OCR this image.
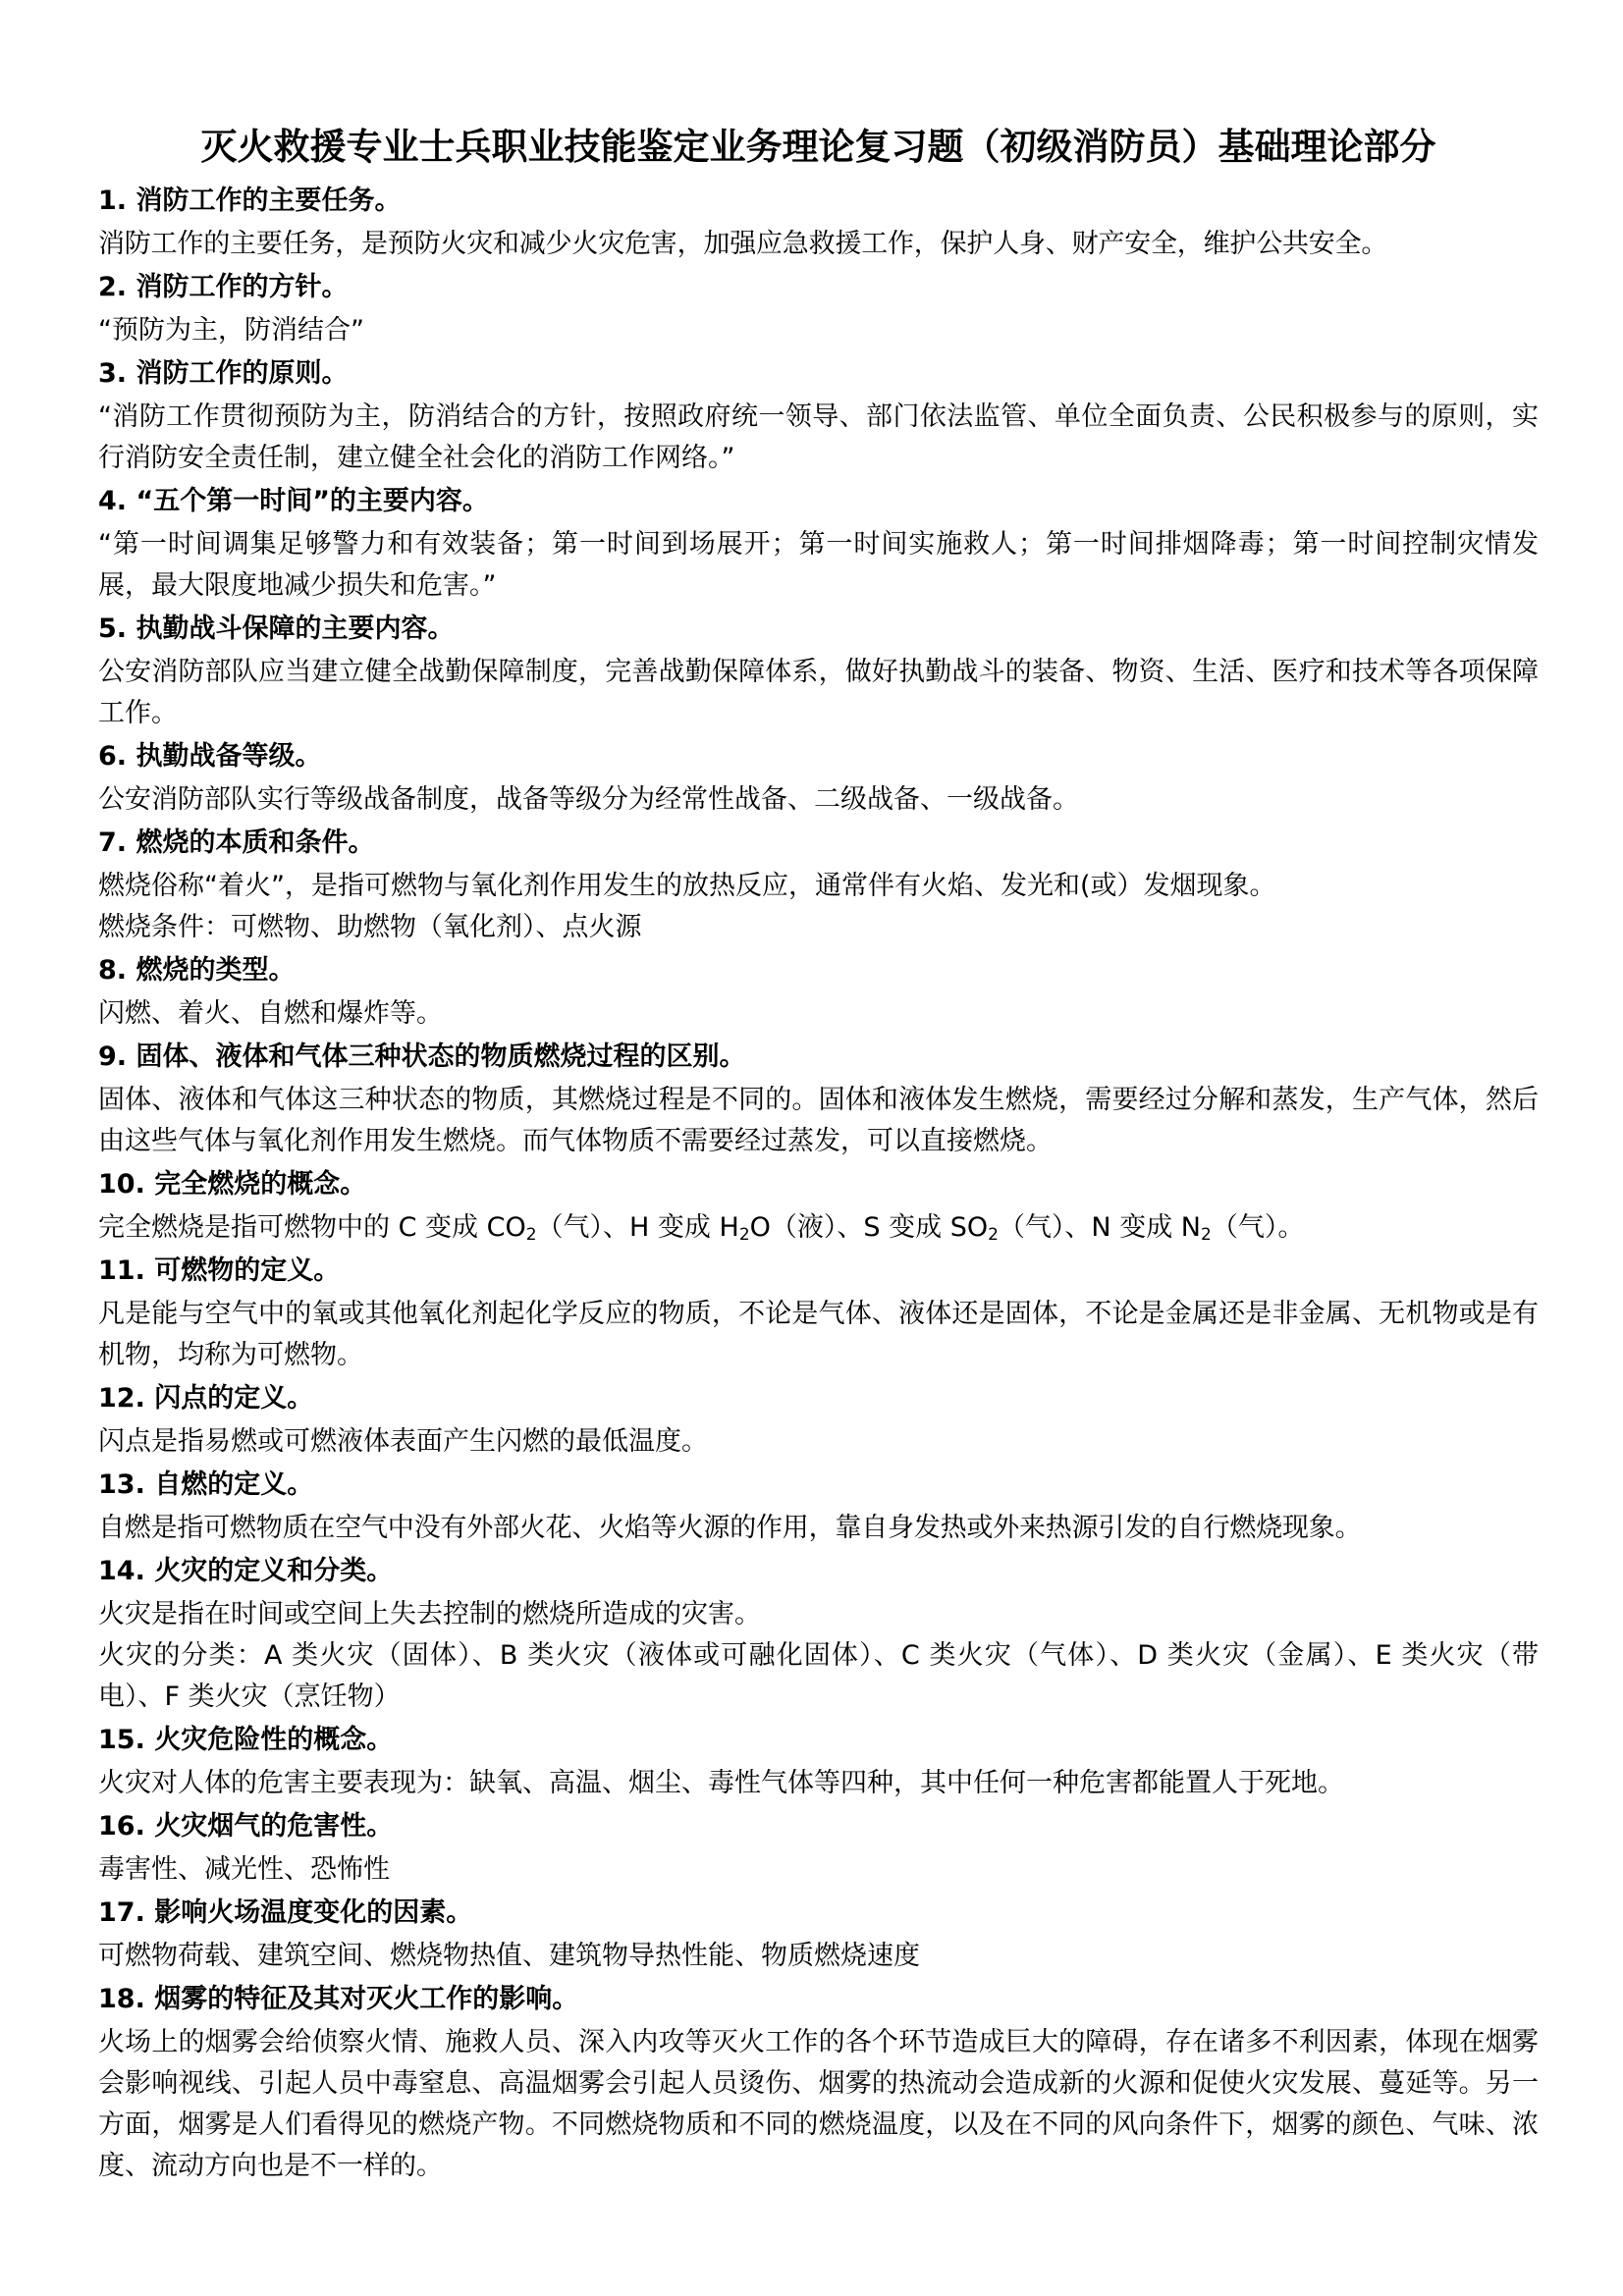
灭火救援专业士兵职业技能鉴定业务理论复习题（初级消防员）基础理论部分
1. 消防工作的主要任务。
消防工作的主要任务，是预防火灾和减少火灾危害，加强应急救援工作，保护人身、财产安全，维护公共安全。
2. 消防工作的方针。
“预防为主，防消结合”
3. 消防工作的原则。
“消防工作贯彻预防为主，防消结合的方针，按照政府统一领导、部门依法监管、单位全面负责、公民积极参与的原则，实行消防安全责任制，建立健全社会化的消防工作网络。”
4. “五个第一时间”的主要内容。
“第一时间调集足够警力和有效装备；第一时间到场展开；第一时间实施救人；第一时间排烟降毒；第一时间控制灾情发展，最大限度地减少损失和危害。”
5. 执勤战斗保障的主要内容。
公安消防部队应当建立健全战勤保障制度，完善战勤保障体系，做好执勤战斗的装备、物资、生活、医疗和技术等各项保障工作。
6. 执勤战备等级。
公安消防部队实行等级战备制度，战备等级分为经常性战备、二级战备、一级战备。
7. 燃烧的本质和条件。
燃烧俗称“着火”，是指可燃物与氧化剂作用发生的放热反应，通常伴有火焰、发光和(或）发烟现象。
燃烧条件：可燃物、助燃物（氧化剂）、点火源
8. 燃烧的类型。
闪燃、着火、自燃和爆炸等。
9. 固体、液体和气体三种状态的物质燃烧过程的区别。
固体、液体和气体这三种状态的物质，其燃烧过程是不同的。固体和液体发生燃烧，需要经过分解和蒸发，生产气体，然后由这些气体与氧化剂作用发生燃烧。而气体物质不需要经过蒸发，可以直接燃烧。
10. 完全燃烧的概念。
完全燃烧是指可燃物中的 C 变成 $CO_2$（气）、H 变成 $H_2O$（液）、S 变成 $SO_2$（气）、N 变成 $N_2$（气）。
11. 可燃物的定义。
凡是能与空气中的氧或其他氧化剂起化学反应的物质，不论是气体、液体还是固体，不论是金属还是非金属、无机物或是有机物，均称为可燃物。
12. 闪点的定义。
闪点是指易燃或可燃液体表面产生闪燃的最低温度。
13. 自燃的定义。
自燃是指可燃物质在空气中没有外部火花、火焰等火源的作用，靠自身发热或外来热源引发的自行燃烧现象。
14. 火灾的定义和分类。
火灾是指在时间或空间上失去控制的燃烧所造成的灾害。
火灾的分类：A 类火灾（固体）、B 类火灾（液体或可融化固体）、C 类火灾（气体）、D 类火灾（金属）、E 类火灾（带电）、F 类火灾（烹饪物）
15. 火灾危险性的概念。
火灾对人体的危害主要表现为：缺氧、高温、烟尘、毒性气体等四种，其中任何一种危害都能置人于死地。
16. 火灾烟气的危害性。
毒害性、减光性、恐怖性
17. 影响火场温度变化的因素。
可燃物荷载、建筑空间、燃烧物热值、建筑物导热性能、物质燃烧速度
18. 烟雾的特征及其对灭火工作的影响。
火场上的烟雾会给侦察火情、施救人员、深入内攻等灭火工作的各个环节造成巨大的障碍，存在诸多不利因素，体现在烟雾会影响视线、引起人员中毒窒息、高温烟雾会引起人员烫伤、烟雾的热流动会造成新的火源和促使火灾发展、蔓延等。另一方面，烟雾是人们看得见的燃烧产物。不同燃烧物质和不同的燃烧温度，以及在不同的风向条件下，烟雾的颜色、气味、浓度、流动方向也是不一样的。
